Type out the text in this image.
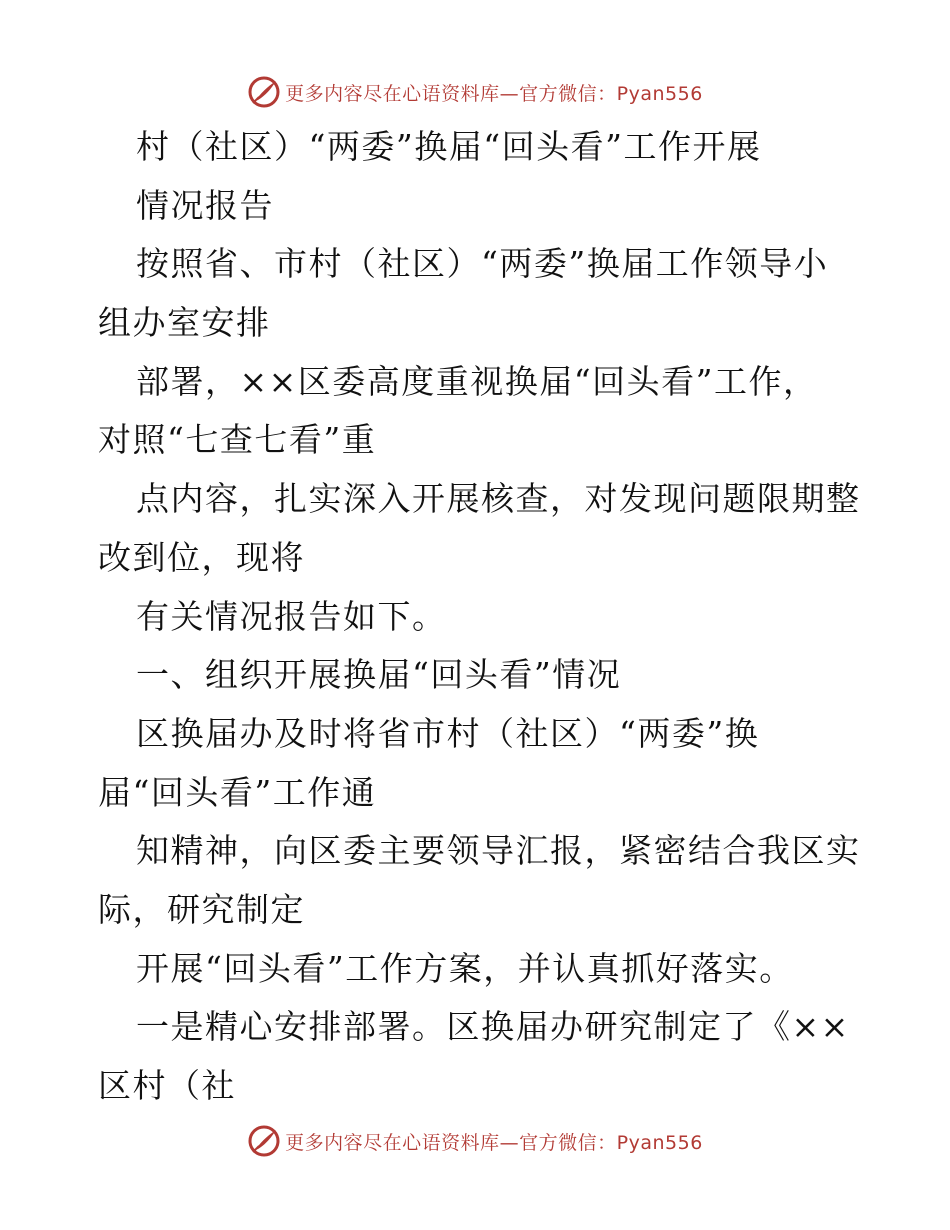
更多内容尽在心语资料库—官方微信：Pyan556
村（社区）“两委”换届“回头看”工作开展
情况报告
按照省、市村（社区）“两委”换届工作领导小
组办室安排
部署，××区委高度重视换届“回头看”工作，
对照“七查七看”重
点内容，扎实深入开展核查，对发现问题限期整
改到位，现将
有关情况报告如下。
一、组织开展换届“回头看”情况
区换届办及时将省市村（社区）“两委”换
届“回头看”工作通
知精神，向区委主要领导汇报，紧密结合我区实
际，研究制定
开展“回头看”工作方案，并认真抓好落实。
一是精心安排部署。区换届办研究制定了《××
区村（社
更多内容尽在心语资料库—官方微信：Pyan556
